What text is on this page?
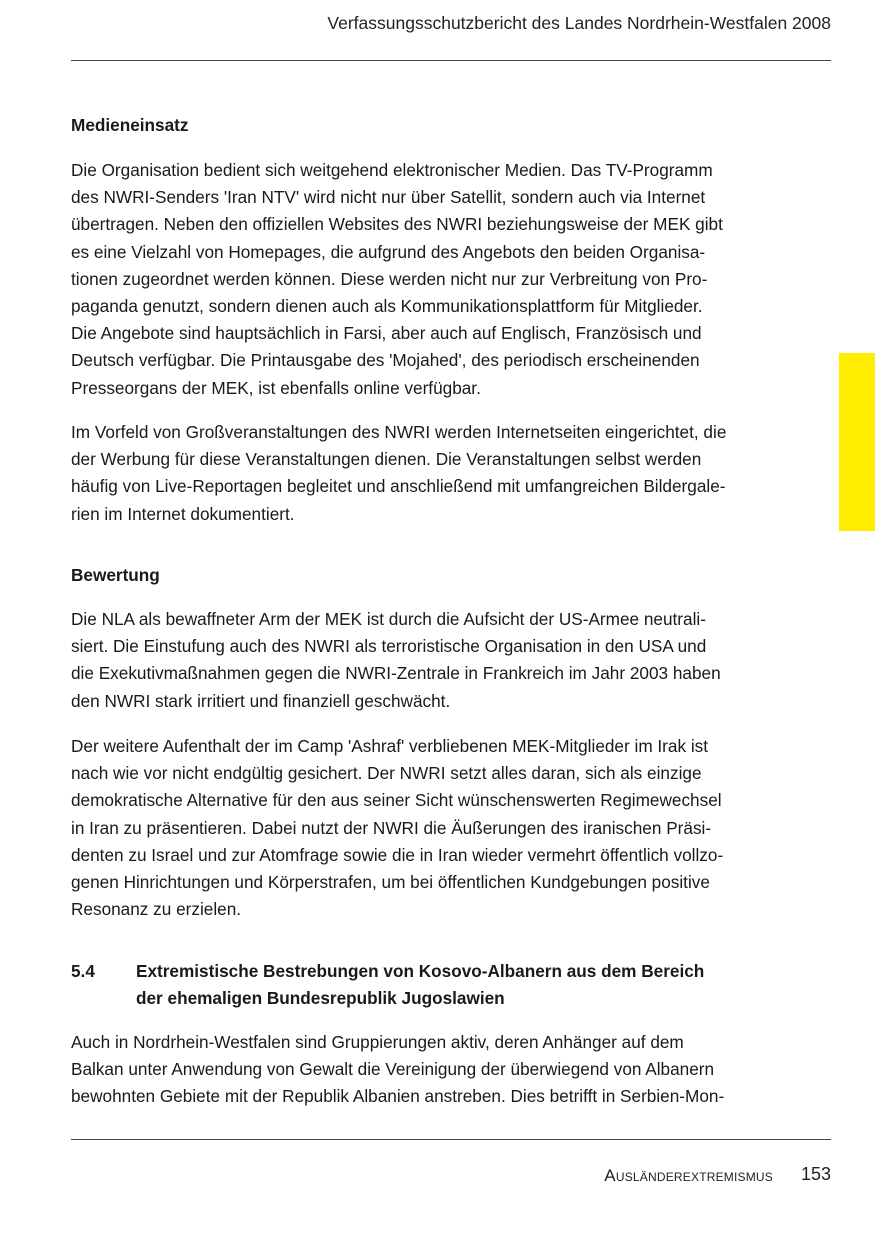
Verfassungsschutzbericht des Landes Nordrhein-Westfalen 2008
Medieneinsatz
Die Organisation bedient sich weitgehend elektronischer Medien. Das TV-Programm
des NWRI-Senders 'Iran NTV' wird nicht nur über Satellit, sondern auch via Internet
übertragen. Neben den offiziellen Websites des NWRI beziehungsweise der MEK gibt
es eine Vielzahl von Homepages, die aufgrund des Angebots den beiden Organisa-
tionen zugeordnet werden können. Diese werden nicht nur zur Verbreitung von Pro-
paganda genutzt, sondern dienen auch als Kommunikationsplattform für Mitglieder.
Die Angebote sind hauptsächlich in Farsi, aber auch auf Englisch, Französisch und
Deutsch verfügbar. Die Printausgabe des 'Mojahed', des periodisch erscheinenden
Presseorgans der MEK, ist ebenfalls online verfügbar.
Im Vorfeld von Großveranstaltungen des NWRI werden Internetseiten eingerichtet, die
der Werbung für diese Veranstaltungen dienen. Die Veranstaltungen selbst werden
häufig von Live-Reportagen begleitet und anschließend mit umfangreichen Bildergale-
rien im Internet dokumentiert.
Bewertung
Die NLA als bewaffneter Arm der MEK ist durch die Aufsicht der US-Armee neutrali-
siert. Die Einstufung auch des NWRI als terroristische Organisation in den USA und
die Exekutivmaßnahmen gegen die NWRI-Zentrale in Frankreich im Jahr 2003 haben
den NWRI stark irritiert und finanziell geschwächt.
Der weitere Aufenthalt der im Camp 'Ashraf' verbliebenen MEK-Mitglieder im Irak ist
nach wie vor nicht endgültig gesichert. Der NWRI setzt alles daran, sich als einzige
demokratische Alternative für den aus seiner Sicht wünschenswerten Regimewechsel
in Iran zu präsentieren. Dabei nutzt der NWRI die Äußerungen des iranischen Präsi-
denten zu Israel und zur Atomfrage sowie die in Iran wieder vermehrt öffentlich vollzo-
genen Hinrichtungen und Körperstrafen, um bei öffentlichen Kundgebungen positive
Resonanz zu erzielen.
5.4 Extremistische Bestrebungen von Kosovo-Albanern aus dem Bereich
der ehemaligen Bundesrepublik Jugoslawien
Auch in Nordrhein-Westfalen sind Gruppierungen aktiv, deren Anhänger auf dem
Balkan unter Anwendung von Gewalt die Vereinigung der überwiegend von Albanern
bewohnten Gebiete mit der Republik Albanien anstreben. Dies betrifft in Serbien-Mon-
Ausländerextremismus 153
